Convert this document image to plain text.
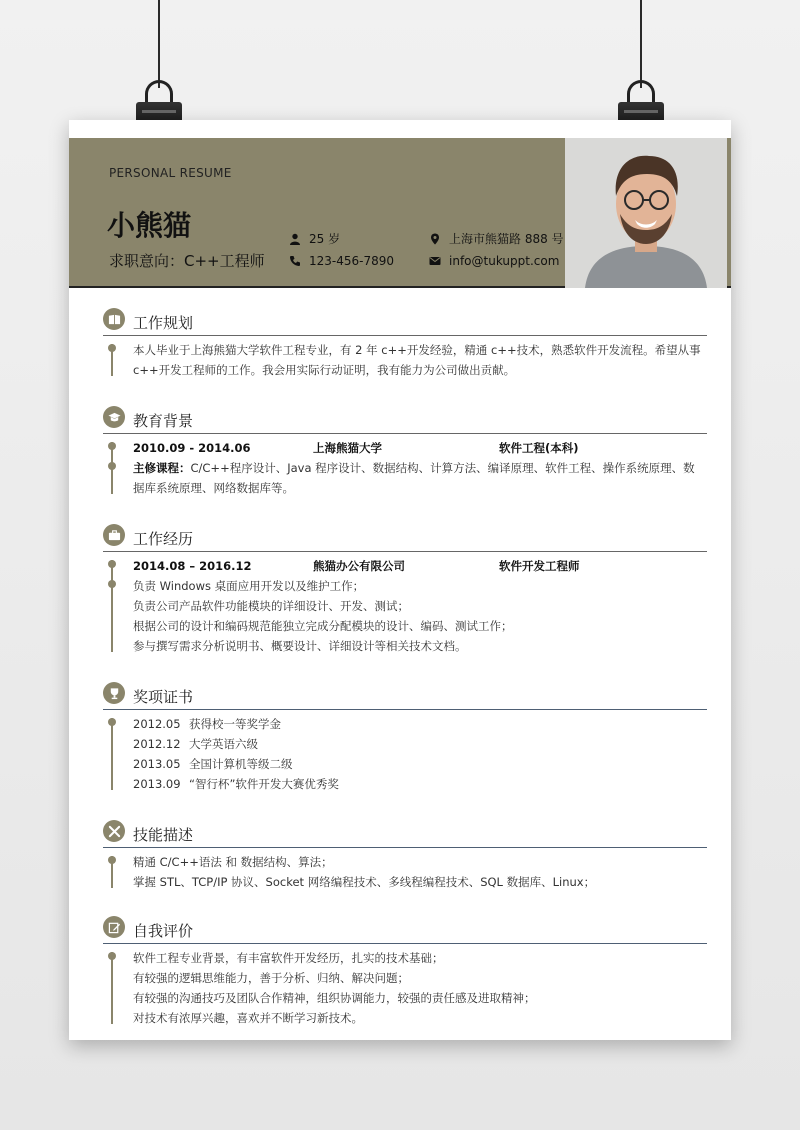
PERSONAL RESUME
小熊猫
求职意向：C++工程师
25 岁
123-456-7890
上海市熊猫路 888 号
info@tukuppt.com
工作规划
本人毕业于上海熊猫大学软件工程专业，有 2 年 c++开发经验，精通 c++技术，熟悉软件开发流程。希望从事 c++开发工程师的工作。我会用实际行动证明，我有能力为公司做出贡献。
教育背景
2010.09 - 2014.06	上海熊猫大学	软件工程(本科)
主修课程：C/C++程序设计、Java 程序设计、数据结构、计算方法、编译原理、软件工程、操作系统原理、数据库系统原理、网络数据库等。
工作经历
2014.08 – 2016.12	熊猫办公有限公司	软件开发工程师
负责 Windows 桌面应用开发以及维护工作；
负责公司产品软件功能模块的详细设计、开发、测试；
根据公司的设计和编码规范能独立完成分配模块的设计、编码、测试工作；
参与撰写需求分析说明书、概要设计、详细设计等相关技术文档。
奖项证书
2012.05 获得校一等奖学金
2012.12 大学英语六级
2013.05 全国计算机等级二级
2013.09 “智行杯”软件开发大赛优秀奖
技能描述
精通 C/C++语法 和 数据结构、算法；
掌握 STL、TCP/IP 协议、Socket 网络编程技术、多线程编程技术、SQL 数据库、Linux；
自我评价
软件工程专业背景，有丰富软件开发经历，扎实的技术基础；
有较强的逻辑思维能力，善于分析、归纳、解决问题；
有较强的沟通技巧及团队合作精神，组织协调能力，较强的责任感及进取精神；
对技术有浓厚兴趣，喜欢并不断学习新技术。
